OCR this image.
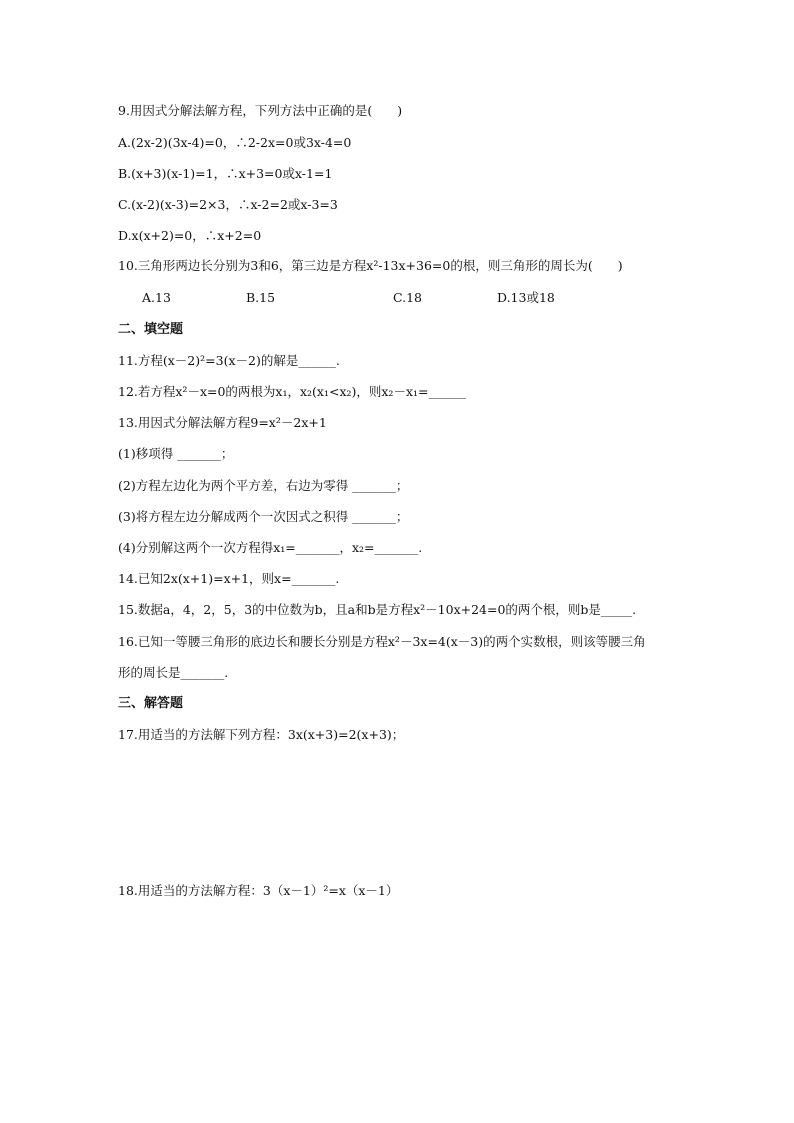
9.用因式分解法解方程，下列方法中正确的是(　　)
A.(2x-2)(3x-4)=0，∴2-2x=0或3x-4=0
B.(x+3)(x-1)=1，∴x+3=0或x-1=1
C.(x-2)(x-3)=2×3，∴x-2=2或x-3=3
D.x(x+2)=0，∴x+2=0
10.三角形两边长分别为3和6，第三边是方程x²-13x+36=0的根，则三角形的周长为(　　)
A.13	B.15	C.18	D.13或18
二、填空题
11.方程(x－2)²=3(x－2)的解是______.
12.若方程x²－x=0的两根为x₁，x₂(x₁<x₂)，则x₂－x₁=______
13.用因式分解法解方程9=x²－2x+1
(1)移项得 _______；
(2)方程左边化为两个平方差，右边为零得 _______；
(3)将方程左边分解成两个一次因式之积得 _______；
(4)分别解这两个一次方程得x₁=_______，x₂=_______.
14.已知2x(x+1)=x+1，则x=_______.
15.数据a，4，2，5，3的中位数为b，且a和b是方程x²－10x+24=0的两个根，则b是_____.
16.已知一等腰三角形的底边长和腰长分别是方程x²－3x=4(x－3)的两个实数根，则该等腰三角
形的周长是_______.
三、解答题
17.用适当的方法解下列方程：3x(x+3)=2(x+3)；
18.用适当的方法解方程：3（x－1）²=x（x－1）
